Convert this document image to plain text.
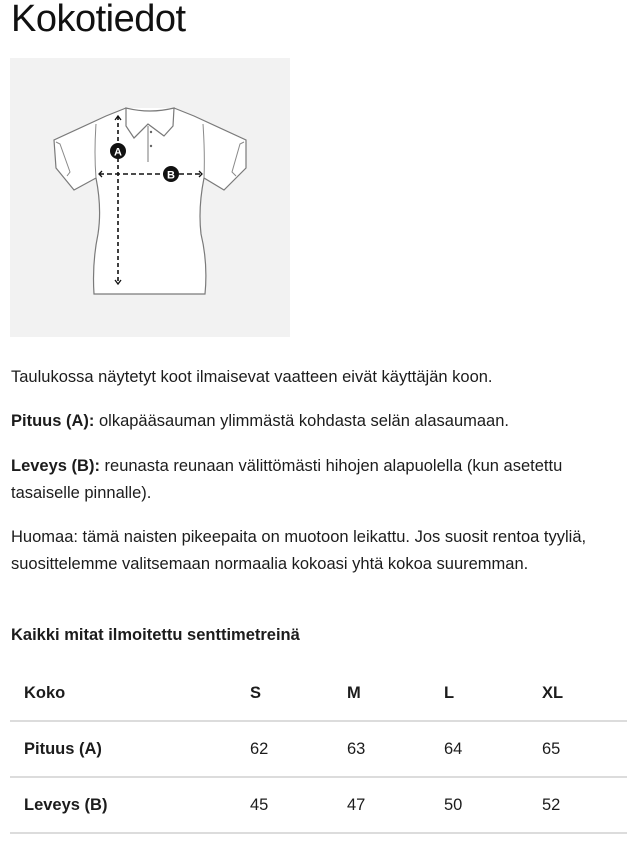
Kokotiedot
A
B

Taulukossa näytetyt koot ilmaisevat vaatteen eivät käyttäjän koon.

Pituus (A): olkapääsauman ylimmästä kohdasta selän alasaumaan.

Leveys (B): reunasta reunaan välittömästi hihojen alapuolella (kun asetettu tasaiselle pinnalle).

Huomaa: tämä naisten pikeepaita on muotoon leikattu. Jos suosit rentoa tyyliä, suosittelemme valitsemaan normaalia kokoasi yhtä kokoa suuremman.

Kaikki mitat ilmoitettu senttimetreinä

Koko	S	M	L	XL
Pituus (A)	62	63	64	65
Leveys (B)	45	47	50	52
